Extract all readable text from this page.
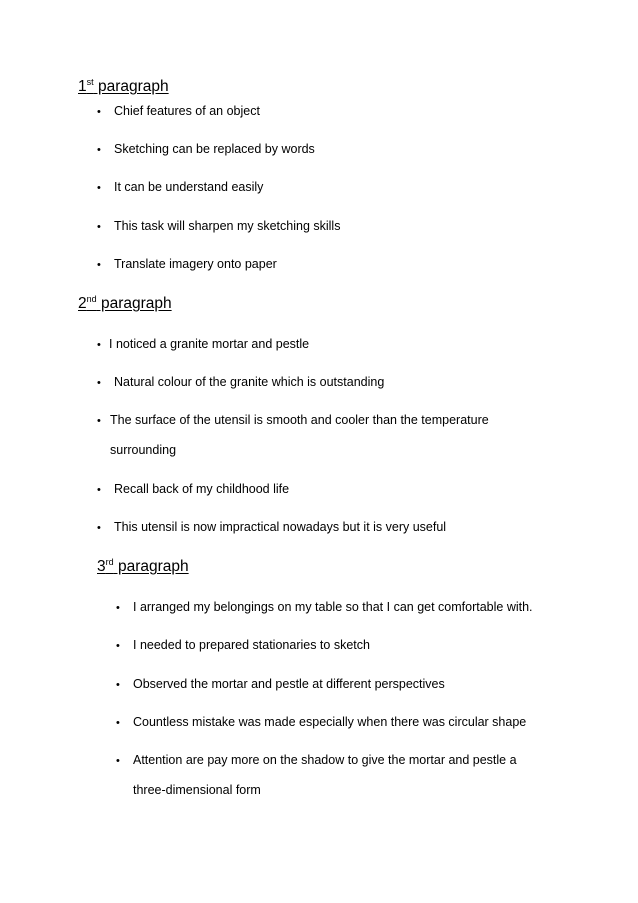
1st paragraph
• Chief features of an object
• Sketching can be replaced by words
• It can be understand easily
• This task will sharpen my sketching skills
• Translate imagery onto paper
2nd paragraph
• I noticed a granite mortar and pestle
• Natural colour of the granite which is outstanding
• The surface of the utensil is smooth and cooler than the temperature
surrounding
• Recall back of my childhood life
• This utensil is now impractical nowadays but it is very useful
3rd paragraph
• I arranged my belongings on my table so that I can get comfortable with.
• I needed to prepared stationaries to sketch
• Observed the mortar and pestle at different perspectives
• Countless mistake was made especially when there was circular shape
• Attention are pay more on the shadow to give the mortar and pestle a
three-dimensional form
